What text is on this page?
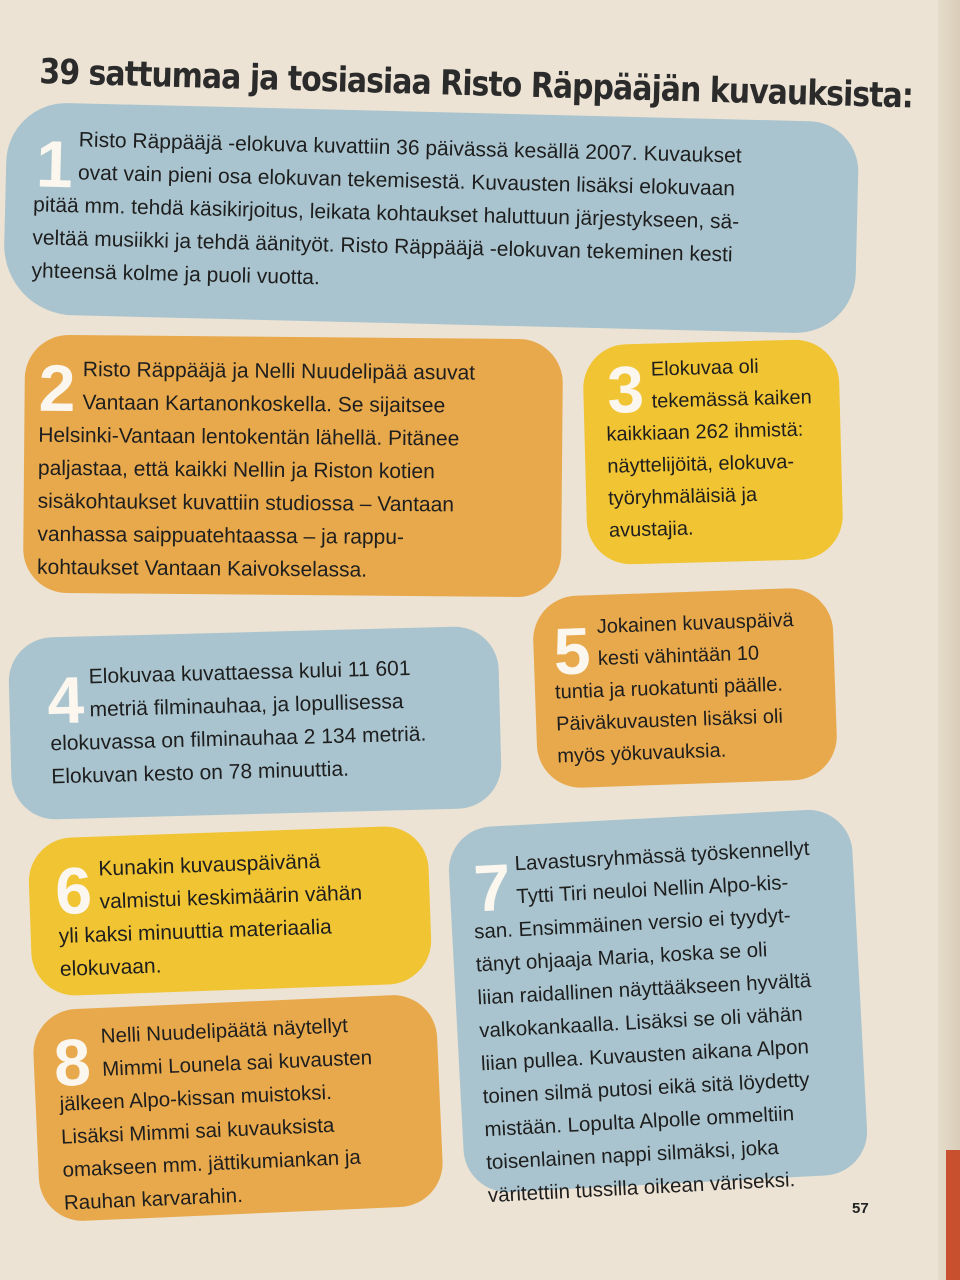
39 sattumaa ja tosiasiaa Risto Räppääjän kuvauksista:
1 Risto Räppääjä -elokuva kuvattiin 36 päivässä kesällä 2007. Kuvaukset
ovat vain pieni osa elokuvan tekemisestä. Kuvausten lisäksi elokuvaan
pitää mm. tehdä käsikirjoitus, leikata kohtaukset haluttuun järjestykseen, sä-
veltää musiikki ja tehdä äänityöt. Risto Räppääjä -elokuvan tekeminen kesti
yhteensä kolme ja puoli vuotta.
2 Risto Räppääjä ja Nelli Nuudelipää asuvat
Vantaan Kartanonkoskella. Se sijaitsee
Helsinki-Vantaan lentokentän lähellä. Pitänee
paljastaa, että kaikki Nellin ja Riston kotien
sisäkohtaukset kuvattiin studiossa – Vantaan
vanhassa saippuatehtaassa – ja rappu-
kohtaukset Vantaan Kaivokselassa.
3 Elokuvaa oli
tekemässä kaiken
kaikkiaan 262 ihmistä:
näyttelijöitä, elokuva-
työryhmäläisiä ja
avustajia.
4 Elokuvaa kuvattaessa kului 11 601
metriä filminauhaa, ja lopullisessa
elokuvassa on filminauhaa 2 134 metriä.
Elokuvan kesto on 78 minuuttia.
5 Jokainen kuvauspäivä
kesti vähintään 10
tuntia ja ruokatunti päälle.
Päiväkuvausten lisäksi oli
myös yökuvauksia.
6 Kunakin kuvauspäivänä
valmistui keskimäärin vähän
yli kaksi minuuttia materiaalia
elokuvaan.
7 Lavastusryhmässä työskennellyt
Tytti Tiri neuloi Nellin Alpo-kis-
san. Ensimmäinen versio ei tyydyt-
tänyt ohjaaja Maria, koska se oli
liian raidallinen näyttääkseen hyvältä
valkokankaalla. Lisäksi se oli vähän
liian pullea. Kuvausten aikana Alpon
toinen silmä putosi eikä sitä löydetty
mistään. Lopulta Alpolle ommeltiin
toisenlainen nappi silmäksi, joka
väritettiin tussilla oikean väriseksi.
8 Nelli Nuudelipäätä näytellyt
Mimmi Lounela sai kuvausten
jälkeen Alpo-kissan muistoksi.
Lisäksi Mimmi sai kuvauksista
omakseen mm. jättikumiankan ja
Rauhan karvarahin.	57
